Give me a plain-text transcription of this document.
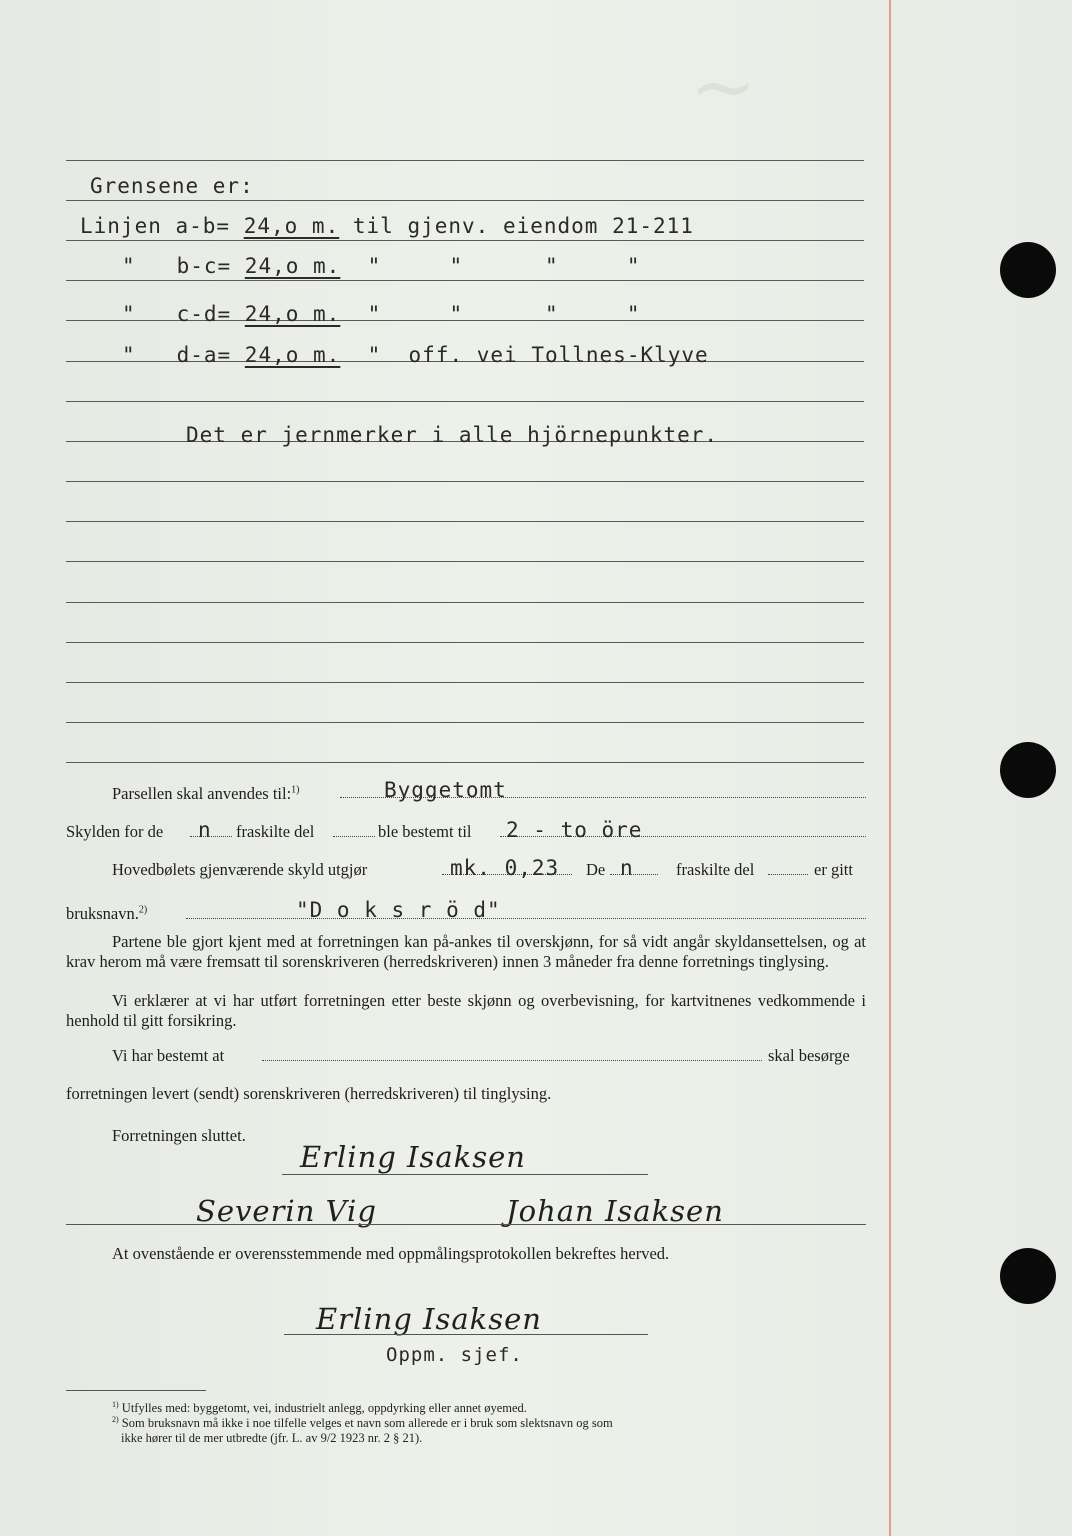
~
Grensene er:
Linjen a-b= 24,o m. til gjenv. eiendom 21-211
"   b-c= 24,o m.  "     "      "     "
"   c-d= 24,o m.  "     "      "     "
"   d-a= 24,o m.  "  off. vei Tollnes-Klyve
Det er jernmerker i alle hjörnepunkter.
Parsellen skal anvendes til:$^{1)}$	Byggetomt
Skylden for de n fraskilte del	ble bestemt til 2 - to öre
Hovedbølets gjenværende skyld utgjør	mk. 0,23 De n	fraskilte del	er gitt
bruksnavn.$^{2)}$	"D o k s r ö d"
Partene ble gjort kjent med at forretningen kan på-ankes til overskjønn, for så vidt angår skyldansettelsen, og at krav herom må være fremsatt til sorenskriveren (herredskriveren) innen 3 måneder fra denne forretnings tinglysing.
Vi erklærer at vi har utført forretningen etter beste skjønn og overbevisning, for kartvitnenes vedkommende i henhold til gitt forsikring.
Vi har bestemt at	skal besørge
forretningen levert (sendt) sorenskriveren (herredskriveren) til tinglysing.
Forretningen sluttet.
Erling Isaksen
Severin Vig	Johan Isaksen
At ovenstående er overensstemmende med oppmålingsprotokollen bekreftes herved.
Erling Isaksen
Oppm. sjef.
$^{1)}$ Utfylles med: byggetomt, vei, industrielt anlegg, oppdyrking eller annet øyemed.
$^{2)}$ Som bruksnavn må ikke i noe tilfelle velges et navn som allerede er i bruk som slektsnavn og som
ikke hører til de mer utbredte (jfr. L. av 9/2 1923 nr. 2 § 21).
